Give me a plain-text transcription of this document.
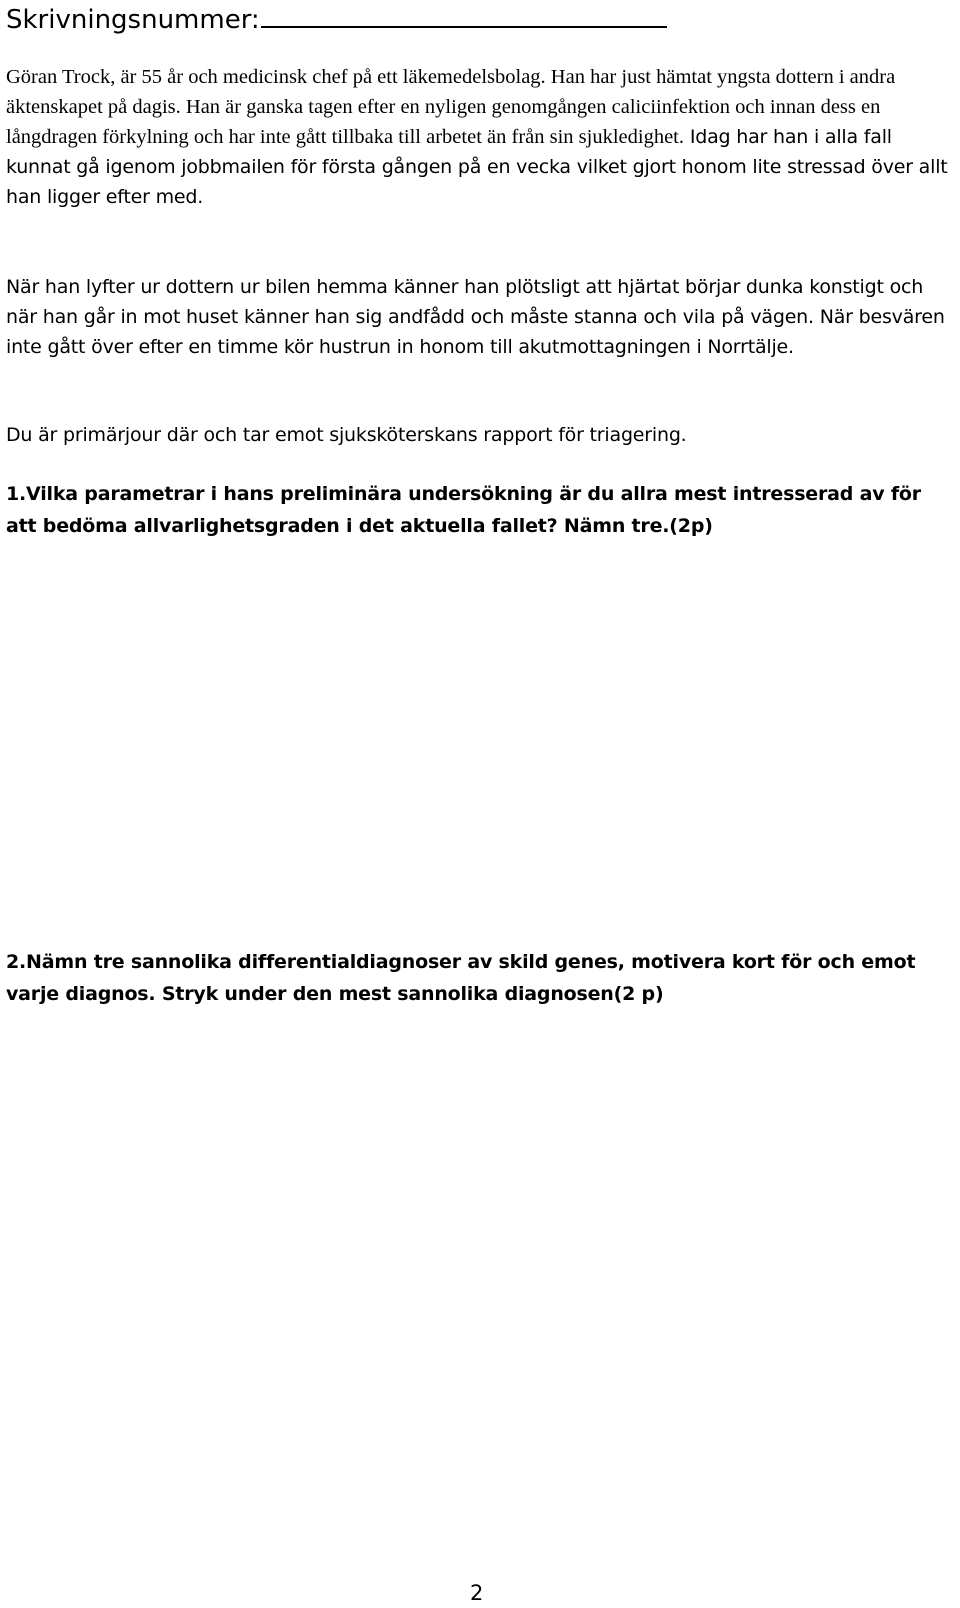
Skrivningsnummer:

Göran Trock, är 55 år och medicinsk chef på ett läkemedelsbolag. Han har just hämtat yngsta dottern i andra äktenskapet på dagis. Han är ganska tagen efter en nyligen genomgången caliciinfektion och innan dess en långdragen förkylning och har inte gått tillbaka till arbetet än från sin sjukledighet. Idag har han i alla fall kunnat gå igenom jobbmailen för första gången på en vecka vilket gjort honom lite stressad över allt han ligger efter med.

När han lyfter ur dottern ur bilen hemma känner han plötsligt att hjärtat börjar dunka konstigt och när han går in mot huset känner han sig andfådd och måste stanna och vila på vägen. När besvären inte gått över efter en timme kör hustrun in honom till akutmottagningen i Norrtälje.

Du är primärjour där och tar emot sjuksköterskans rapport för triagering.

1.Vilka parametrar i hans preliminära undersökning är du allra mest intresserad av för att bedöma allvarlighetsgraden i det aktuella fallet? Nämn tre.(2p)

2.Nämn tre sannolika differentialdiagnoser av skild genes, motivera kort för och emot varje diagnos. Stryk under den mest sannolika diagnosen(2 p)

2
